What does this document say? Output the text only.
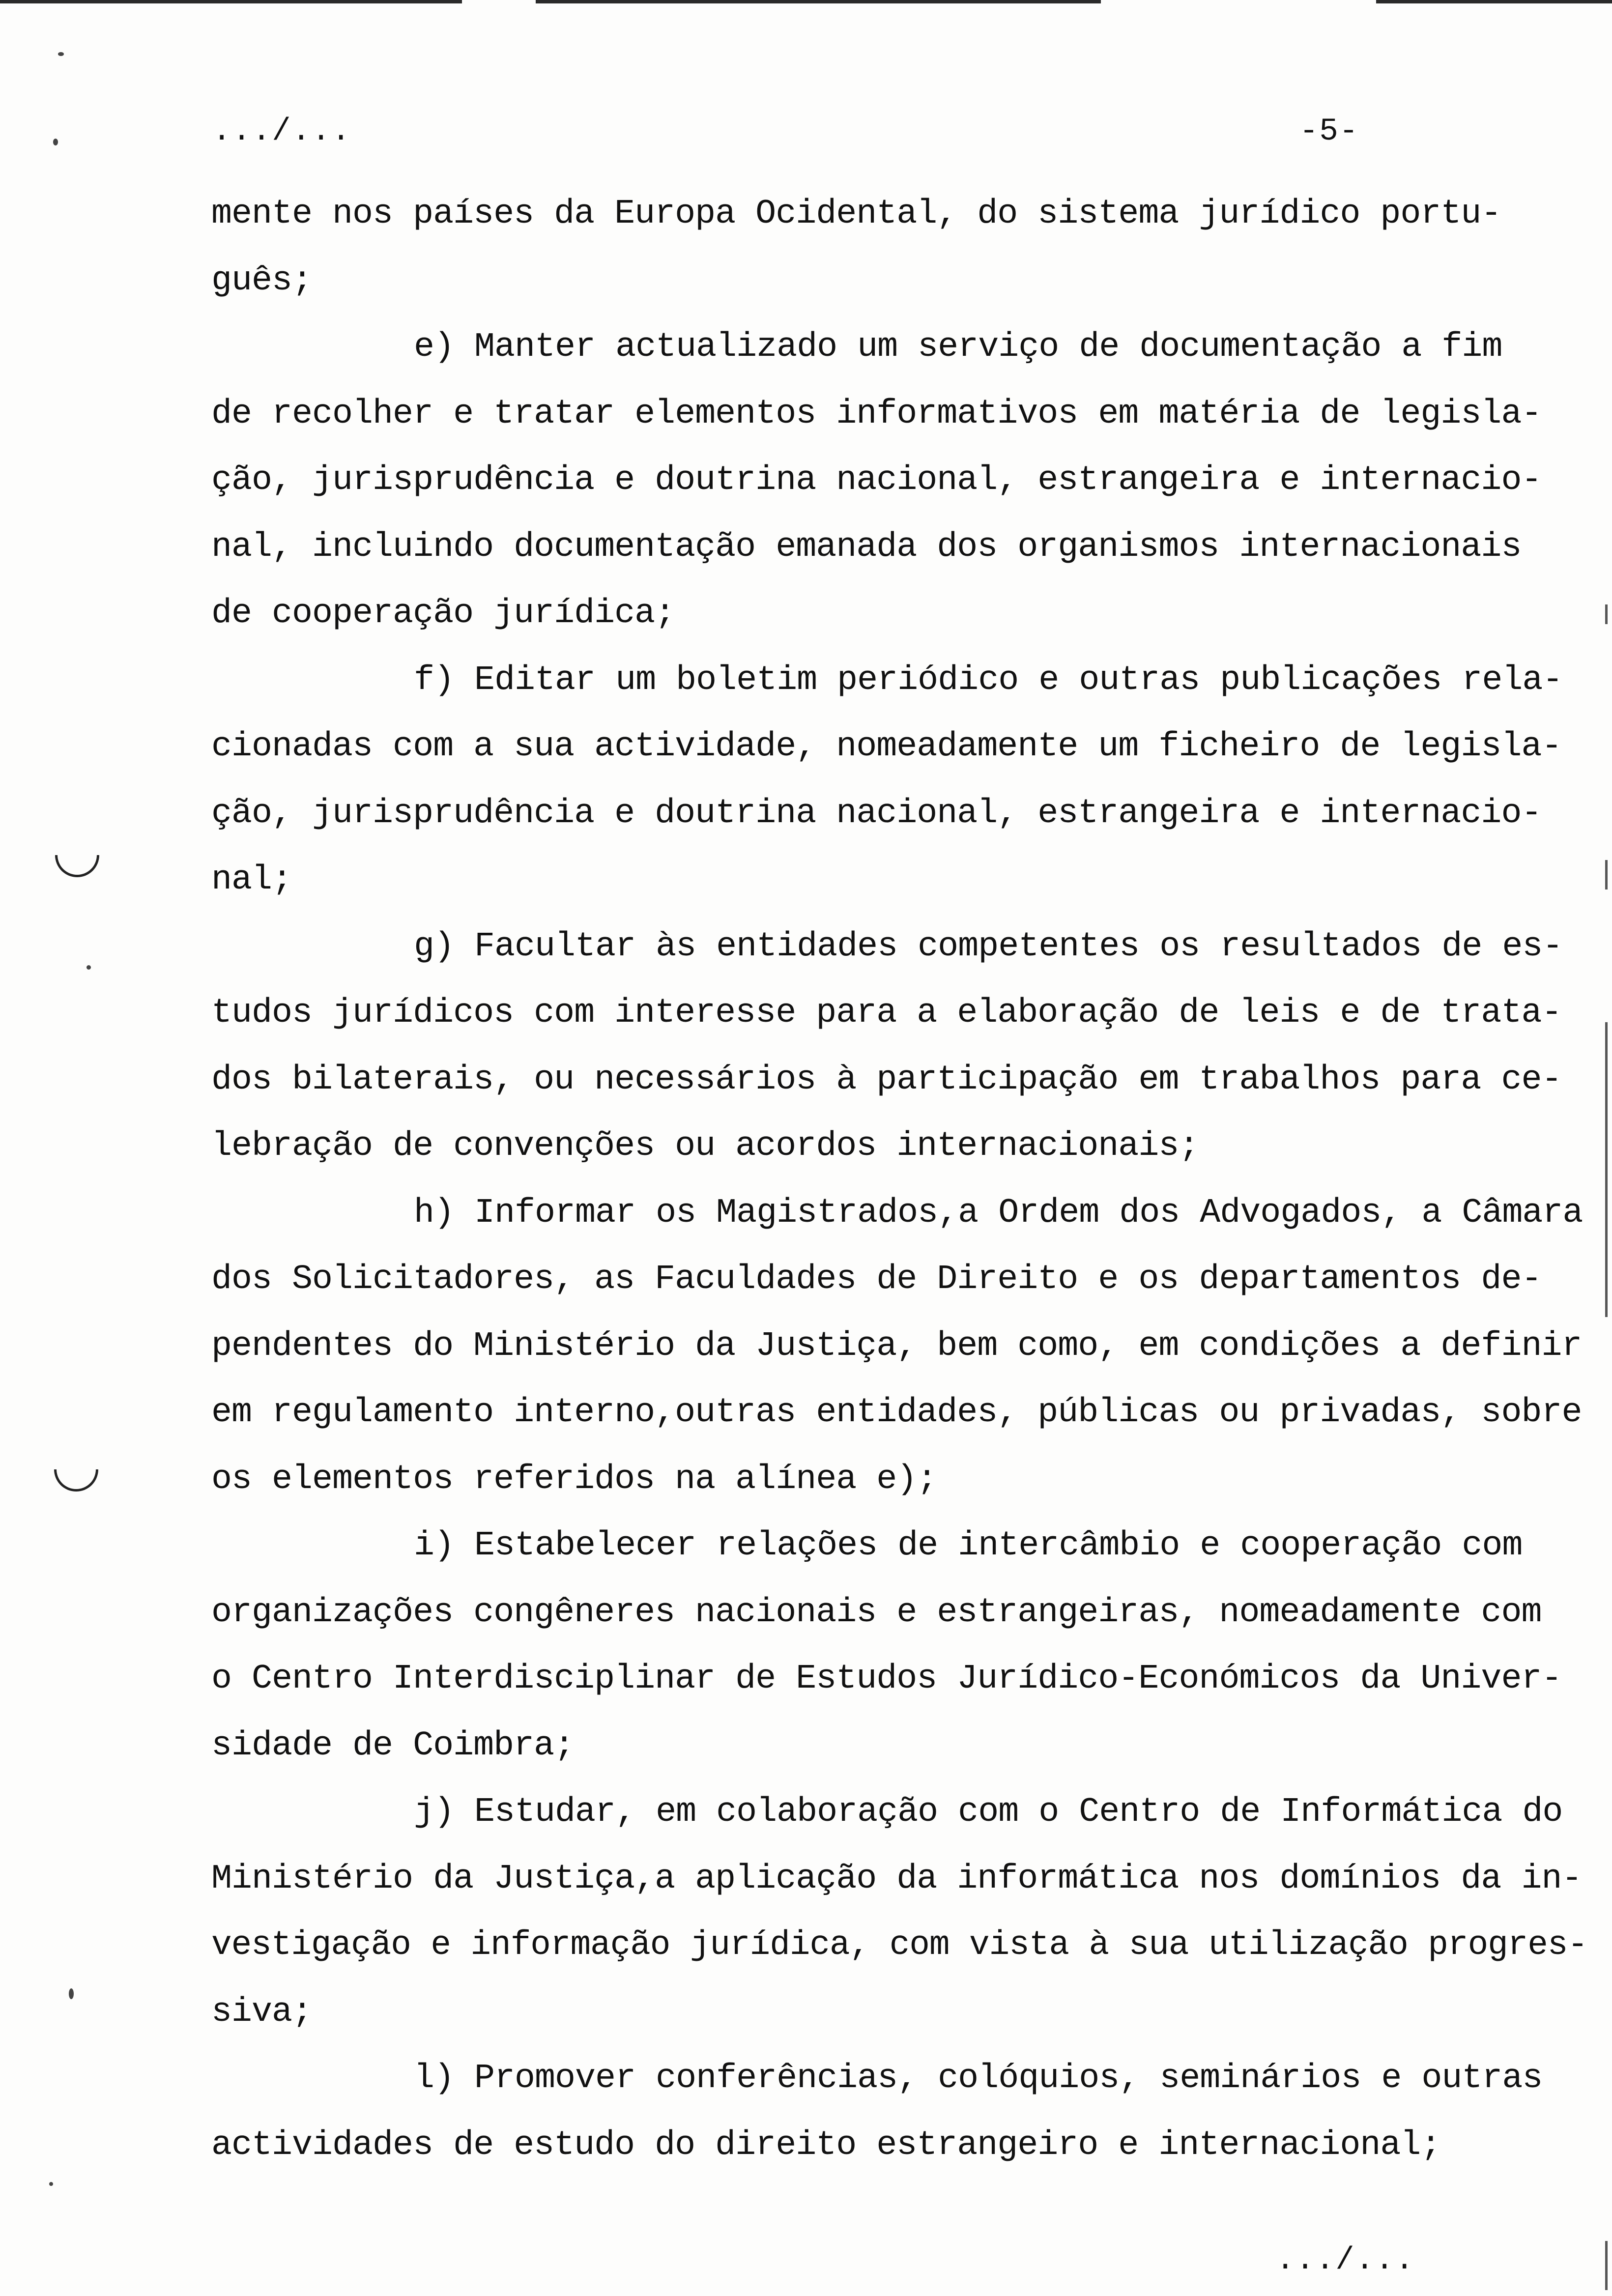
.../...	-5-
mente nos países da Europa Ocidental, do sistema jurídico portu-
guês;
e) Manter actualizado um serviço de documentação a fim
de recolher e tratar elementos informativos em matéria de legisla-
ção, jurisprudência e doutrina nacional, estrangeira e internacio-
nal, incluindo documentação emanada dos organismos internacionais
de cooperação jurídica;
f) Editar um boletim periódico e outras publicações rela-
cionadas com a sua actividade, nomeadamente um ficheiro de legisla-
ção, jurisprudência e doutrina nacional, estrangeira e internacio-
nal;
g) Facultar às entidades competentes os resultados de es-
tudos jurídicos com interesse para a elaboração de leis e de trata-
dos bilaterais, ou necessários à participação em trabalhos para ce-
lebração de convenções ou acordos internacionais;
h) Informar os Magistrados,a Ordem dos Advogados, a Câmara
dos Solicitadores, as Faculdades de Direito e os departamentos de-
pendentes do Ministério da Justiça, bem como, em condições a definir
em regulamento interno,outras entidades, públicas ou privadas, sobre
os elementos referidos na alínea e);
i) Estabelecer relações de intercâmbio e cooperação com
organizações congêneres nacionais e estrangeiras, nomeadamente com
o Centro Interdisciplinar de Estudos Jurídico-Económicos da Univer-
sidade de Coimbra;
j) Estudar, em colaboração com o Centro de Informática do
Ministério da Justiça,a aplicação da informática nos domínios da in-
vestigação e informação jurídica, com vista à sua utilização progres-
siva;
l) Promover conferências, colóquios, seminários e outras
actividades de estudo do direito estrangeiro e internacional;
.../...
